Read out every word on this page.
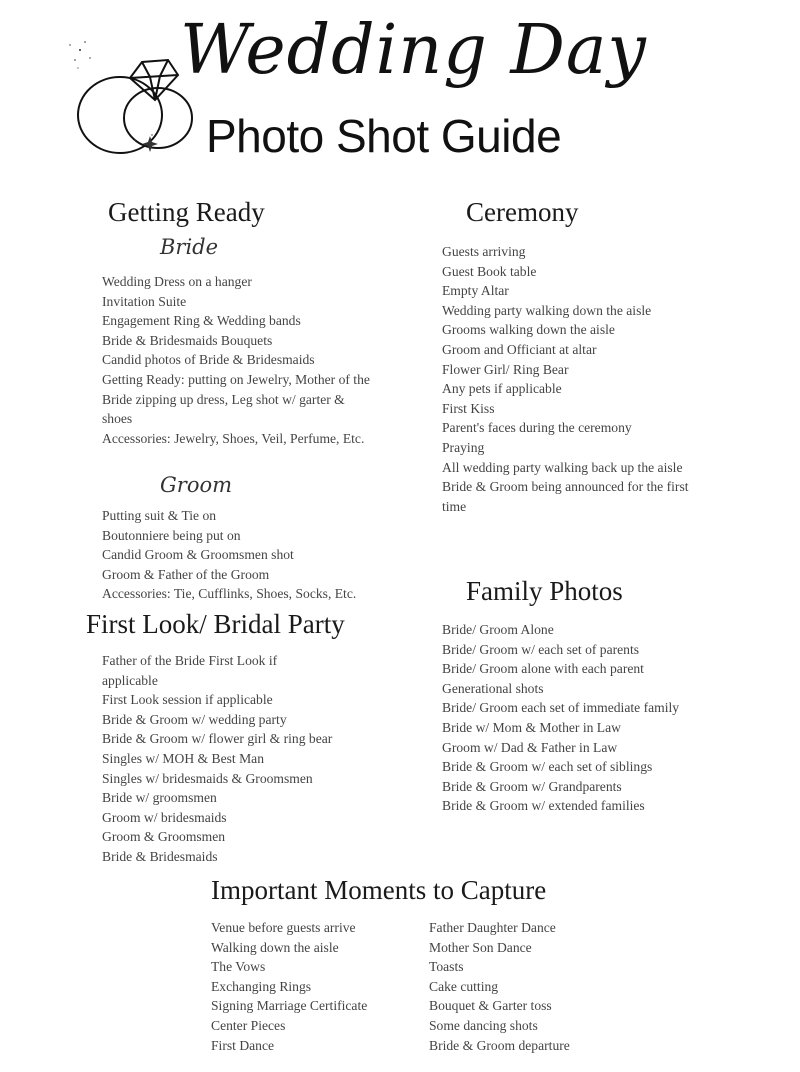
Wedding Day
Photo Shot Guide
Getting Ready
Bride
Wedding Dress on a hanger
Invitation Suite
Engagement Ring & Wedding bands
Bride & Bridesmaids Bouquets
Candid photos of Bride & Bridesmaids
Getting Ready: putting on Jewelry, Mother of the Bride zipping up dress, Leg shot w/ garter & shoes
Accessories: Jewelry, Shoes, Veil, Perfume, Etc.
Groom
Putting suit & Tie on
Boutonniere being put on
Candid Groom & Groomsmen shot
Groom & Father of the Groom
Accessories: Tie, Cufflinks, Shoes, Socks, Etc.
Ceremony
Guests arriving
Guest Book table
Empty Altar
Wedding party walking down the aisle
Grooms walking down the aisle
Groom and Officiant at altar
Flower Girl/ Ring Bear
Any pets if applicable
First Kiss
Parent's faces during the ceremony
Praying
All wedding party walking back up the aisle
Bride & Groom being announced for the first time
Family Photos
Bride/ Groom Alone
Bride/ Groom w/ each set of parents
Bride/ Groom alone with each parent
Generational shots
Bride/ Groom each set of immediate family
Bride w/ Mom & Mother in Law
Groom w/ Dad & Father in Law
Bride & Groom w/ each set of siblings
Bride & Groom w/ Grandparents
Bride & Groom w/ extended families
First Look/ Bridal Party
Father of the Bride First Look if applicable
First Look session if applicable
Bride & Groom w/ wedding party
Bride & Groom w/ flower girl & ring bear
Singles w/ MOH & Best Man
Singles w/ bridesmaids & Groomsmen
Bride w/ groomsmen
Groom w/ bridesmaids
Groom & Groomsmen
Bride & Bridesmaids
Important Moments to Capture
Venue before guests arrive
Walking down the aisle
The Vows
Exchanging Rings
Signing Marriage Certificate
Center Pieces
First Dance
Father Daughter Dance
Mother Son Dance
Toasts
Cake cutting
Bouquet & Garter toss
Some dancing shots
Bride & Groom departure
